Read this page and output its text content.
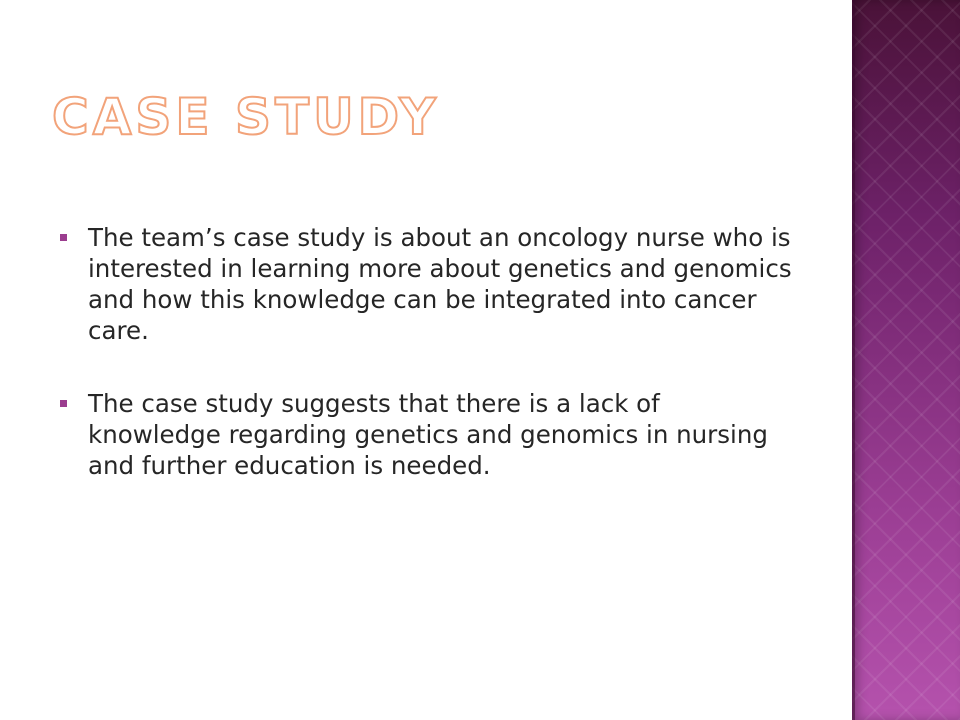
CASE STUDY
The team’s case study is about an oncology nurse who is interested in learning more about genetics and genomics and how this knowledge can be integrated into cancer care.
The case study suggests that there is a lack of knowledge regarding genetics and genomics in nursing and further education is needed.
